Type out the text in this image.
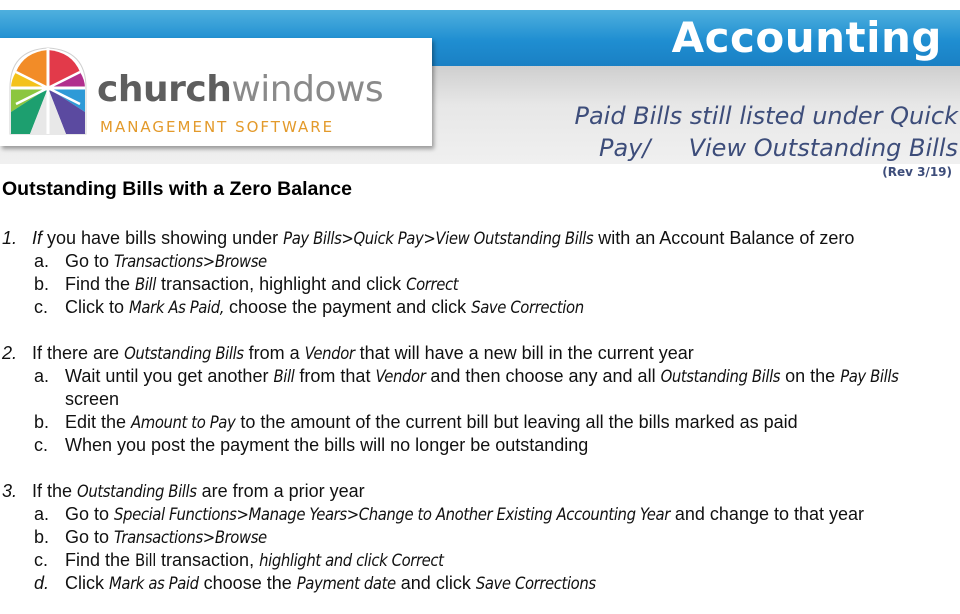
Accounting
churchwindows
MANAGEMENT SOFTWARE	Paid Bills still listed under Quick
Pay/     View Outstanding Bills
(Rev 3/19)
Outstanding Bills with a Zero Balance
1. If you have bills showing under Pay Bills>Quick Pay>View Outstanding Bills with an Account Balance of zero
a. Go to Transactions>Browse
b. Find the Bill transaction, highlight and click Correct
c. Click to Mark As Paid, choose the payment and click Save Correction
2. If there are Outstanding Bills from a Vendor that will have a new bill in the current year
a. Wait until you get another Bill from that Vendor and then choose any and all Outstanding Bills on the Pay Bills
screen
b. Edit the Amount to Pay to the amount of the current bill but leaving all the bills marked as paid
c. When you post the payment the bills will no longer be outstanding
3. If the Outstanding Bills are from a prior year
a. Go to Special Functions>Manage Years>Change to Another Existing Accounting Year and change to that year
b. Go to Transactions>Browse
c. Find the Bill transaction, highlight and click Correct
d. Click Mark as Paid choose the Payment date and click Save Corrections
